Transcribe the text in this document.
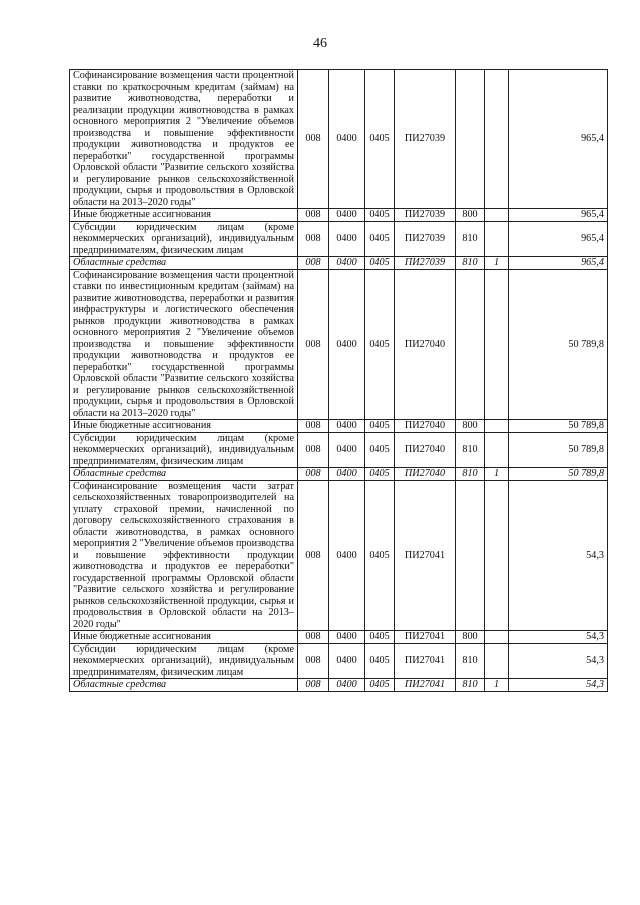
46
Софинансирование возмещения части процентной ставки по краткосрочным кредитам (займам) на развитие животноводства, переработки и реализации продукции животноводства в рамках основного мероприятия 2 "Увеличение объемов производства и повышение эффективности продукции животноводства и продуктов ее переработки" государственной программы Орловской области "Развитие сельского хозяйства и регулирование рынков сельскохозяйственной продукции, сырья и продовольствия в Орловской области на 2013–2020 годы"	008	0400	0405	ПИ27039			965,4
Иные бюджетные ассигнования	008	0400	0405	ПИ27039	800		965,4
Субсидии юридическим лицам (кроме некоммерческих организаций), индивидуальным предпринимателям, физическим лицам	008	0400	0405	ПИ27039	810		965,4
Областные средства	008	0400	0405	ПИ27039	810	1	965,4
Софинансирование возмещения части процентной ставки по инвестиционным кредитам (займам) на развитие животноводства, переработки и развития инфраструктуры и логистического обеспечения рынков продукции животноводства в рамках основного мероприятия 2 "Увеличение объемов производства и повышение эффективности продукции животноводства и продуктов ее переработки" государственной программы Орловской области "Развитие сельского хозяйства и регулирование рынков сельскохозяйственной продукции, сырья и продовольствия в Орловской области на 2013–2020 годы"	008	0400	0405	ПИ27040			50 789,8
Иные бюджетные ассигнования	008	0400	0405	ПИ27040	800		50 789,8
Субсидии юридическим лицам (кроме некоммерческих организаций), индивидуальным предпринимателям, физическим лицам	008	0400	0405	ПИ27040	810		50 789,8
Областные средства	008	0400	0405	ПИ27040	810	1	50 789,8
Софинансирование возмещения части затрат сельскохозяйственных товаропроизводителей на уплату страховой премии, начисленной по договору сельскохозяйственного страхования в области животноводства, в рамках основного мероприятия 2 "Увеличение объемов производства и повышение эффективности продукции животноводства и продуктов ее переработки" государственной программы Орловской области "Развитие сельского хозяйства и регулирование рынков сельскохозяйственной продукции, сырья и продовольствия в Орловской области на 2013–2020 годы"	008	0400	0405	ПИ27041			54,3
Иные бюджетные ассигнования	008	0400	0405	ПИ27041	800		54,3
Субсидии юридическим лицам (кроме некоммерческих организаций), индивидуальным предпринимателям, физическим лицам	008	0400	0405	ПИ27041	810		54,3
Областные средства	008	0400	0405	ПИ27041	810	1	54,3
